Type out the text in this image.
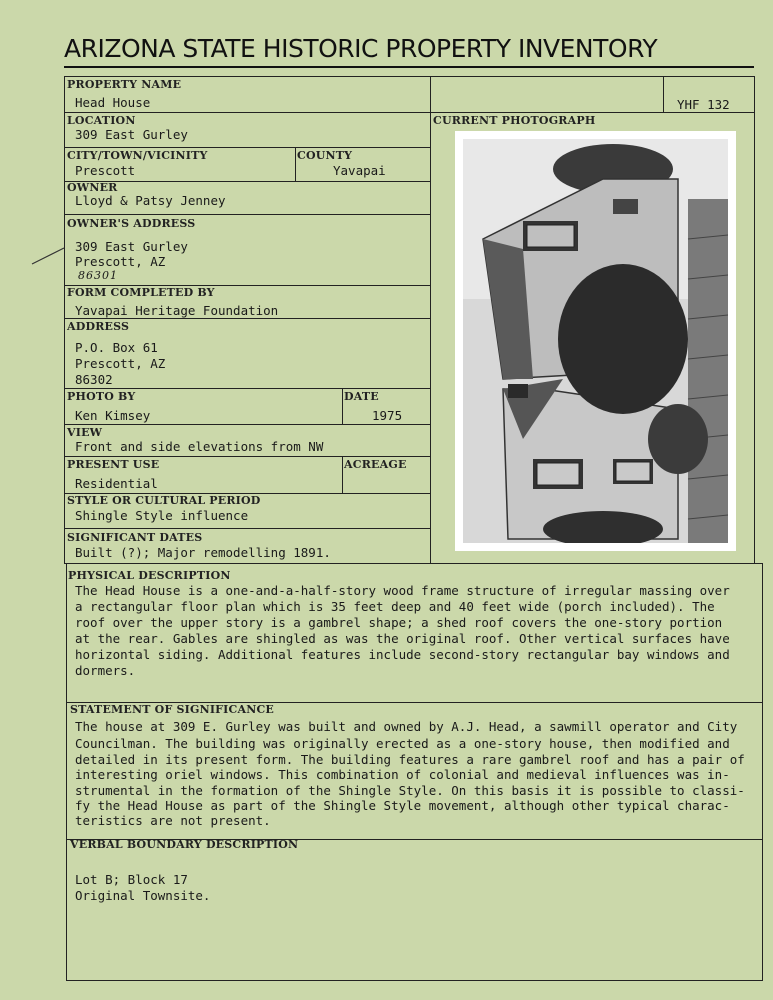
ARIZONA STATE HISTORIC PROPERTY INVENTORY
PROPERTY NAME
Head House
LOCATION
309 East Gurley
CITY/TOWN/VICINITY
Prescott
COUNTY
Yavapai
OWNER
Lloyd & Patsy Jenney
OWNER'S ADDRESS
309 East Gurley
Prescott, AZ
86301
FORM COMPLETED BY
Yavapai Heritage Foundation
ADDRESS
P.O. Box 61
Prescott, AZ
86302
PHOTO BY
Ken Kimsey
DATE
1975
VIEW
Front and side elevations from NW
PRESENT USE
Residential
ACREAGE
STYLE OR CULTURAL PERIOD
Shingle Style influence
SIGNIFICANT DATES
Built (?); Major remodelling 1891.
YHF 132
CURRENT PHOTOGRAPH
PHYSICAL DESCRIPTION
The Head House is a one-and-a-half-story wood frame structure of irregular massing over
a rectangular floor plan which is 35 feet deep and 40 feet wide (porch included). The
roof over the upper story is a gambrel shape; a shed roof covers the one-story portion
at the rear. Gables are shingled as was the original roof. Other vertical surfaces have
horizontal siding. Additional features include second-story rectangular bay windows and
dormers.
STATEMENT OF SIGNIFICANCE
The house at 309 E. Gurley was built and owned by A.J. Head, a sawmill operator and City
Councilman. The building was originally erected as a one-story house, then modified and
detailed in its present form. The building features a rare gambrel roof and has a pair of
interesting oriel windows. This combination of colonial and medieval influences was in-
strumental in the formation of the Shingle Style. On this basis it is possible to classi-
fy the Head House as part of the Shingle Style movement, although other typical charac-
teristics are not present.
VERBAL BOUNDARY DESCRIPTION
Lot B; Block 17
Original Townsite.
